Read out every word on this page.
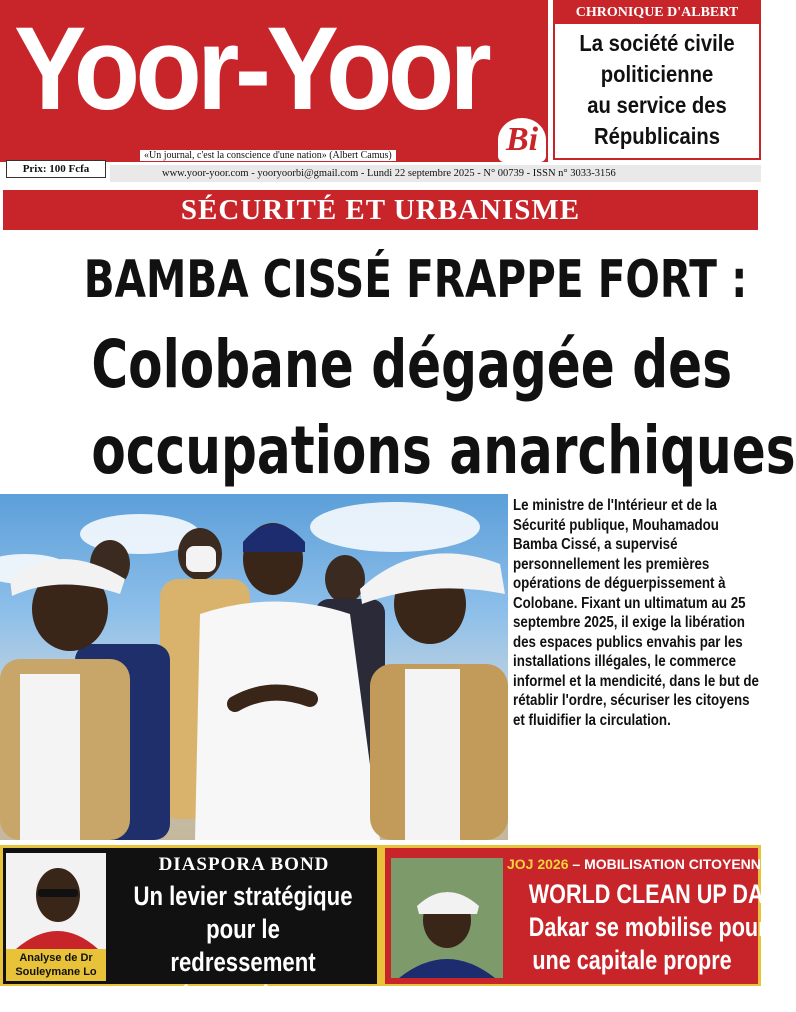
Yoor-Yoor
Bi
«Un journal, c'est la conscience d'une nation» (Albert Camus)
Prix: 100 Fcfa	www.yoor-yoor.com - yooryoorbi@gmail.com - Lundi 22 septembre 2025 - N° 00739 - ISSN n° 3033-3156
CHRONIQUE D'ALBERT
La société civile
politicienne
au service des
Républicains
SÉCURITÉ ET URBANISME
BAMBA CISSÉ FRAPPE FORT :
Colobane dégagée des
occupations anarchiques

Le ministre de l'Intérieur et de la Sécurité publique, Mouhamadou Bamba Cissé, a supervisé personnellement les premières opérations de déguerpissement à Colobane. Fixant un ultimatum au 25 septembre 2025, il exige la libération des espaces publics envahis par les installations illégales, le commerce informel et la mendicité, dans le but de rétablir l'ordre, sécuriser les citoyens et fluidifier la circulation.

Analyse de Dr
Souleymane Lo
DIASPORA BOND
Un levier stratégique
pour le redressement
économique
JOJ 2026 – MOBILISATION CITOYENNE
WORLD CLEAN UP DAY :
Dakar se mobilise pour
une capitale propre
